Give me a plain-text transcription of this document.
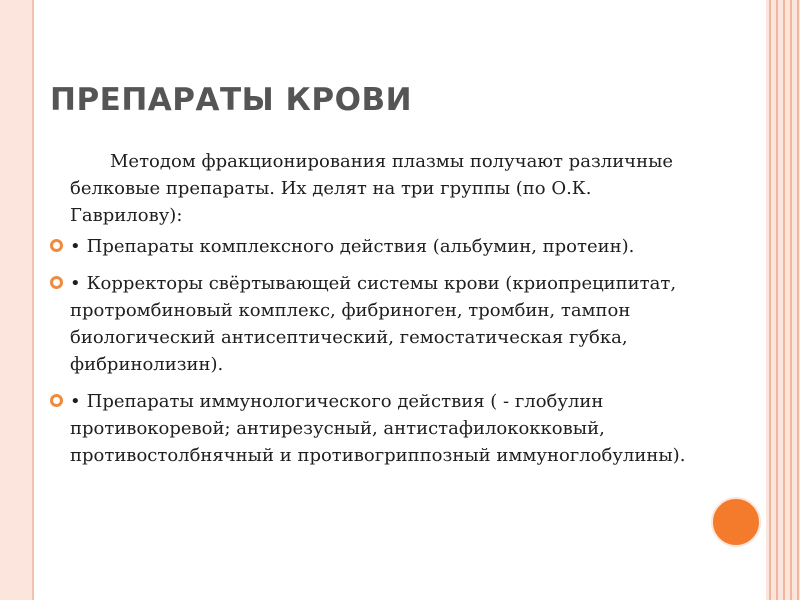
ПРЕПАРАТЫ КРОВИ

Методом фракционирования плазмы получают различные белковые препараты. Их делят на три группы (по О.К. Гаврилову):

• Препараты комплексного действия (альбумин, протеин).
• Корректоры свёртывающей системы крови (криопреципитат, протромбиновый комплекс, фибриноген, тромбин, тампон биологический антисептический, гемостатическая губка, фибринолизин).
• Препараты иммунологического действия ( - глобулин противокоревой; антирезусный, антистафилококковый, противостолбнячный и противогриппозный иммуноглобулины).
